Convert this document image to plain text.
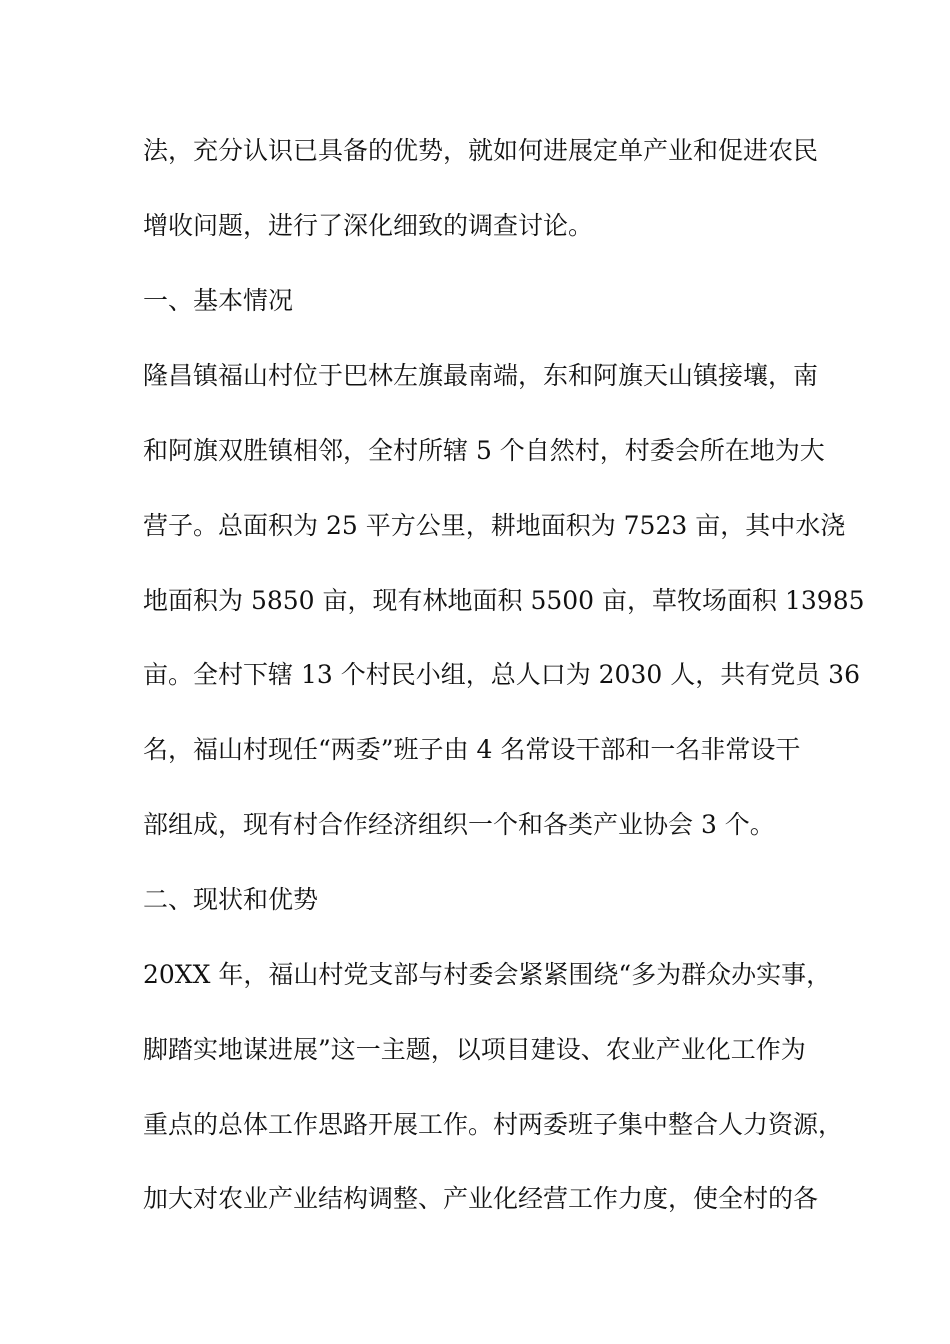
法，充分认识已具备的优势，就如何进展定单产业和促进农民
增收问题，进行了深化细致的调查讨论。
一、基本情况
隆昌镇福山村位于巴林左旗最南端，东和阿旗天山镇接壤，南
和阿旗双胜镇相邻，全村所辖 5 个自然村，村委会所在地为大
营子。总面积为 25 平方公里，耕地面积为 7523 亩，其中水浇
地面积为 5850 亩，现有林地面积 5500 亩，草牧场面积 13985
亩。全村下辖 13 个村民小组，总人口为 2030 人，共有党员 36
名，福山村现任“两委”班子由 4 名常设干部和一名非常设干
部组成，现有村合作经济组织一个和各类产业协会 3 个。
二、现状和优势
20XX 年，福山村党支部与村委会紧紧围绕“多为群众办实事，
脚踏实地谋进展”这一主题，以项目建设、农业产业化工作为
重点的总体工作思路开展工作。村两委班子集中整合人力资源，
加大对农业产业结构调整、产业化经营工作力度，使全村的各
